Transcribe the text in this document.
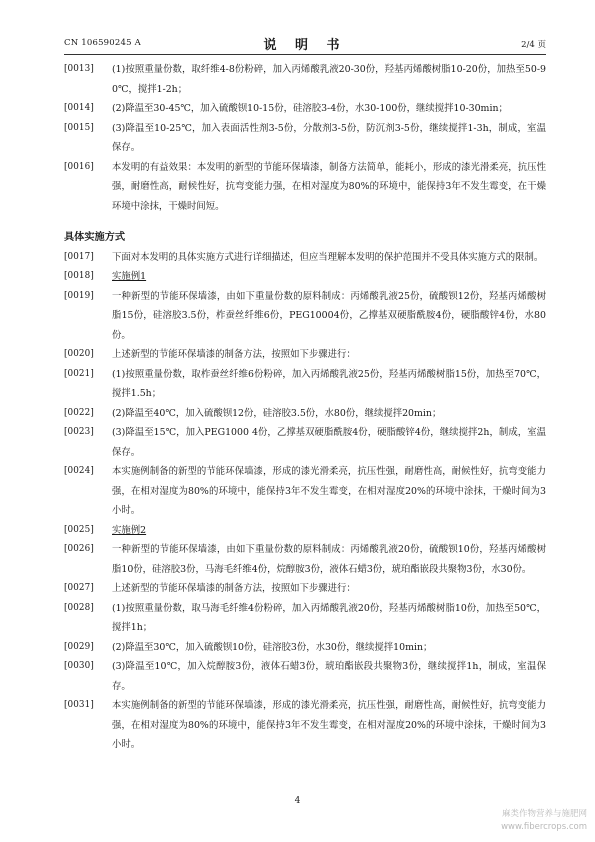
CN 106590245 A	说 明 书	2/4 页
[0013]	(1)按照重量份数，取纤维4-8份粉碎，加入丙烯酸乳液20-30份，羟基丙烯酸树脂10-20份，加热至50-90℃，搅拌1-2h；
[0014]	(2)降温至30-45℃，加入硫酸钡10-15份，硅溶胶3-4份，水30-100份，继续搅拌10-30min；
[0015]	(3)降温至10-25℃，加入表面活性剂3-5份，分散剂3-5份，防沉剂3-5份，继续搅拌1-3h，制成，室温保存。
[0016]	本发明的有益效果：本发明的新型的节能环保墙漆，制备方法简单，能耗小，形成的漆光滑柔亮，抗压性强，耐磨性高，耐候性好，抗弯变能力强，在相对湿度为80%的环境中，能保持3年不发生霉变，在干燥环境中涂抹，干燥时间短。
具体实施方式
[0017]	下面对本发明的具体实施方式进行详细描述，但应当理解本发明的保护范围并不受具体实施方式的限制。
[0018]	实施例1
[0019]	一种新型的节能环保墙漆，由如下重量份数的原料制成：丙烯酸乳液25份，硫酸钡12份，羟基丙烯酸树脂15份，硅溶胶3.5份，柞蚕丝纤维6份，PEG10004份，乙撑基双硬脂酰胺4份，硬脂酸锌4份，水80份。
[0020]	上述新型的节能环保墙漆的制备方法，按照如下步骤进行：
[0021]	(1)按照重量份数，取柞蚕丝纤维6份粉碎，加入丙烯酸乳液25份，羟基丙烯酸树脂15份，加热至70℃，搅拌1.5h；
[0022]	(2)降温至40℃，加入硫酸钡12份，硅溶胶3.5份，水80份，继续搅拌20min；
[0023]	(3)降温至15℃，加入PEG1000 4份，乙撑基双硬脂酰胺4份，硬脂酸锌4份，继续搅拌2h，制成，室温保存。
[0024]	本实施例制备的新型的节能环保墙漆，形成的漆光滑柔亮，抗压性强，耐磨性高，耐候性好，抗弯变能力强，在相对湿度为80%的环境中，能保持3年不发生霉变，在相对湿度20%的环境中涂抹，干燥时间为3小时。
[0025]	实施例2
[0026]	一种新型的节能环保墙漆，由如下重量份数的原料制成：丙烯酸乳液20份，硫酸钡10份，羟基丙烯酸树脂10份，硅溶胶3份，马海毛纤维4份，烷醇胺3份，液体石蜡3份，琥珀酯嵌段共聚物3份，水30份。
[0027]	上述新型的节能环保墙漆的制备方法，按照如下步骤进行：
[0028]	(1)按照重量份数，取马海毛纤维4份粉碎，加入丙烯酸乳液20份，羟基丙烯酸树脂10份，加热至50℃，搅拌1h；
[0029]	(2)降温至30℃，加入硫酸钡10份，硅溶胶3份，水30份，继续搅拌10min；
[0030]	(3)降温至10℃，加入烷醇胺3份，液体石蜡3份，琥珀酯嵌段共聚物3份，继续搅拌1h，制成，室温保存。
[0031]	本实施例制备的新型的节能环保墙漆，形成的漆光滑柔亮，抗压性强，耐磨性高，耐候性好，抗弯变能力强，在相对湿度为80%的环境中，能保持3年不发生霉变，在相对湿度20%的环境中涂抹，干燥时间为3小时。
4
麻类作物营养与施肥网
www.fibercrops.com
